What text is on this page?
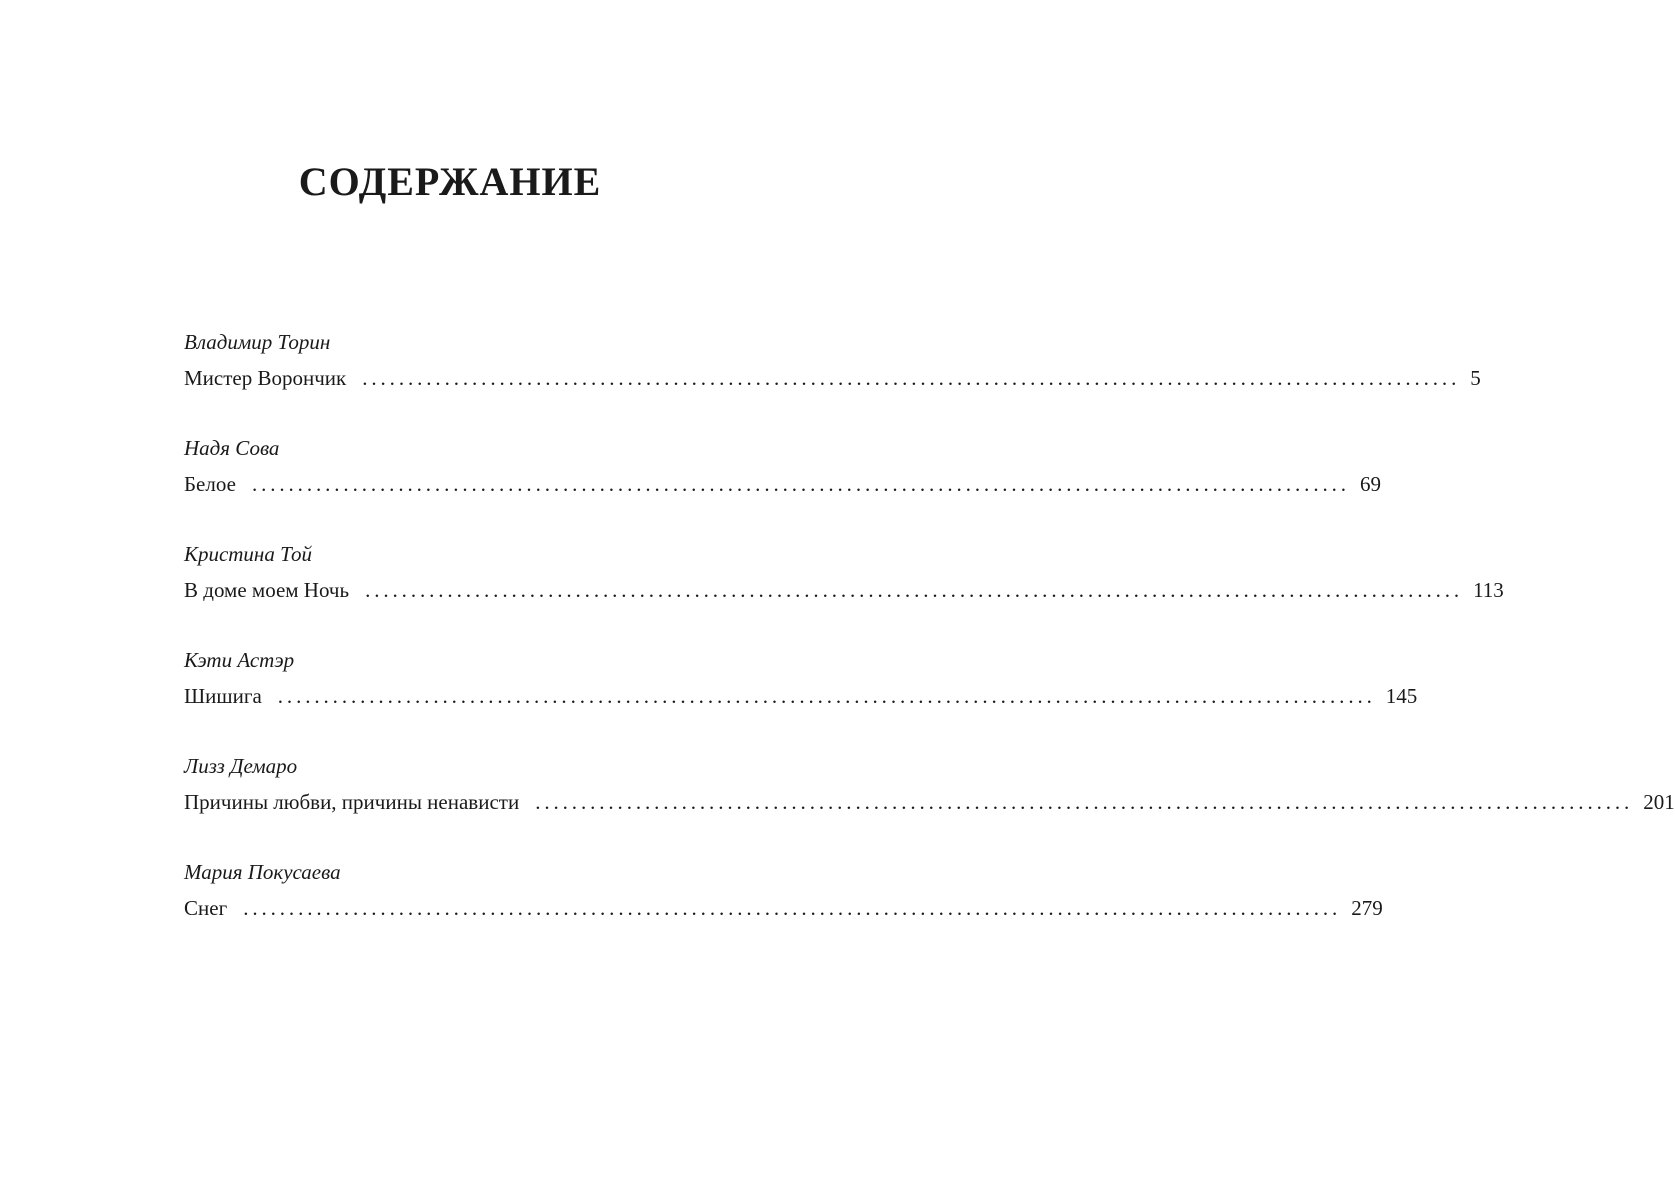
СОДЕРЖАНИЕ
Владимир Торин
Мистер Ворончик ........................................................................................................................ 5
Надя Сова
Белое ........................................................................................................................ 69
Кристина Той
В доме моем Ночь ........................................................................................................................ 113
Кэти Астэр
Шишига ........................................................................................................................ 145
Лизз Демаро
Причины любви, причины ненависти ........................................................................................................................ 201
Мария Покусаева
Снег ........................................................................................................................ 279
